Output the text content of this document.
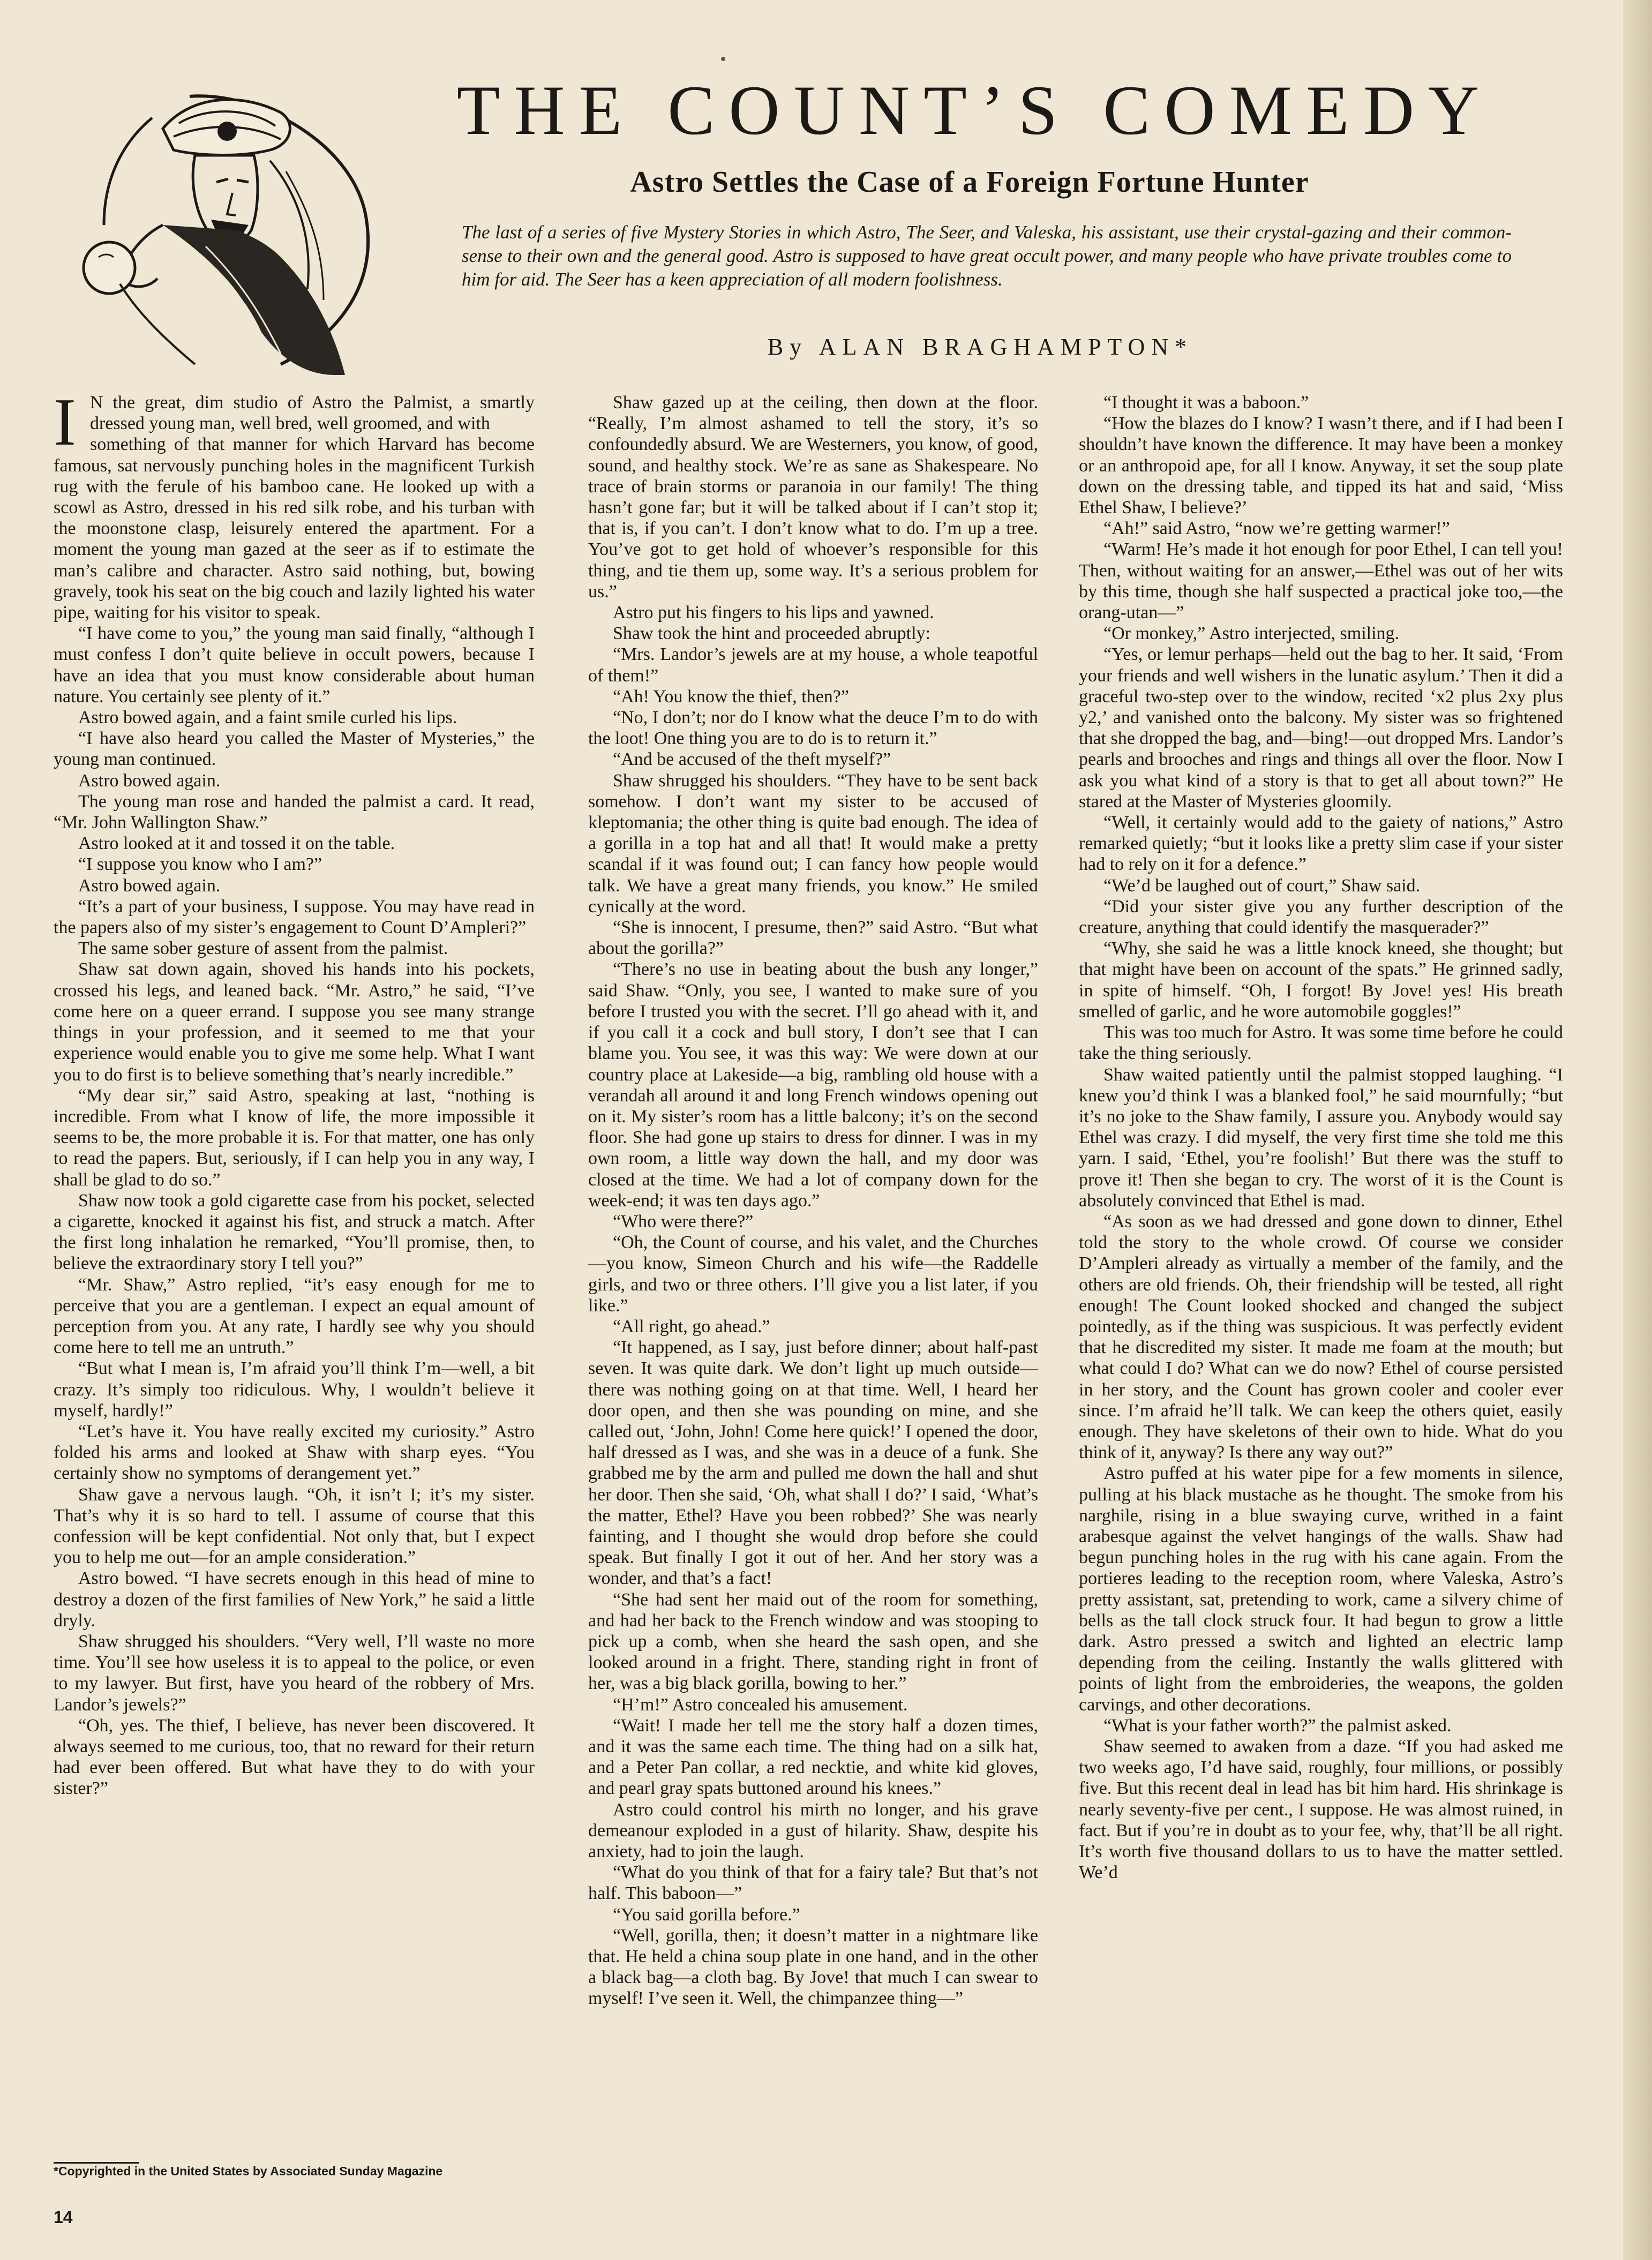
THE COUNT’S COMEDY
Astro Settles the Case of a Foreign Fortune Hunter

The last of a series of five Mystery Stories in which Astro, The Seer, and Valeska, his assistant, use their crystal-gazing and their common-sense to their own and the general good. Astro is supposed to have great occult power, and many people who have private troubles come to him for aid. The Seer has a keen appreciation of all modern foolishness.

By ALAN BRAGHAMPTON*

I N the great, dim studio of Astro the Palmist, a smartly dressed young man, well bred, well groomed, and with

something of that manner for which Harvard has become famous, sat nervously punching holes in the magnificent Turkish rug with the ferule of his bamboo cane. He looked up with a scowl as Astro, dressed in his red silk robe, and his turban with the moonstone clasp, leisurely entered the apartment. For a moment the young man gazed at the seer as if to estimate the man’s calibre and character. Astro said nothing, but, bowing gravely, took his seat on the big couch and lazily lighted his water pipe, waiting for his visitor to speak.

“I have come to you,” the young man said finally, “although I must confess I don’t quite believe in occult powers, because I have an idea that you must know considerable about human nature. You certainly see plenty of it.”

Astro bowed again, and a faint smile curled his lips.

“I have also heard you called the Master of Mysteries,” the young man continued.

Astro bowed again.

The young man rose and handed the palmist a card. It read, “Mr. John Wallington Shaw.”

Astro looked at it and tossed it on the table.

“I suppose you know who I am?”

Astro bowed again.

“It’s a part of your business, I suppose. You may have read in the papers also of my sister’s engagement to Count D’Ampleri?”

The same sober gesture of assent from the palmist.

Shaw sat down again, shoved his hands into his pockets, crossed his legs, and leaned back. “Mr. Astro,” he said, “I’ve come here on a queer errand. I suppose you see many strange things in your profession, and it seemed to me that your experience would enable you to give me some help. What I want you to do first is to believe something that’s nearly incredible.”

“My dear sir,” said Astro, speaking at last, “nothing is incredible. From what I know of life, the more impossible it seems to be, the more probable it is. For that matter, one has only to read the papers. But, seriously, if I can help you in any way, I shall be glad to do so.”

Shaw now took a gold cigarette case from his pocket, selected a cigarette, knocked it against his fist, and struck a match. After the first long inhalation he remarked, “You’ll promise, then, to believe the extraordinary story I tell you?”

“Mr. Shaw,” Astro replied, “it’s easy enough for me to perceive that you are a gentleman. I expect an equal amount of perception from you. At any rate, I hardly see why you should come here to tell me an untruth.”

“But what I mean is, I’m afraid you’ll think I’m—well, a bit crazy. It’s simply too ridiculous. Why, I wouldn’t believe it myself, hardly!”

“Let’s have it. You have really excited my curiosity.” Astro folded his arms and looked at Shaw with sharp eyes. “You certainly show no symptoms of derangement yet.”

Shaw gave a nervous laugh. “Oh, it isn’t I; it’s my sister. That’s why it is so hard to tell. I assume of course that this confession will be kept confidential. Not only that, but I expect you to help me out—for an ample consideration.”

Astro bowed. “I have secrets enough in this head of mine to destroy a dozen of the first families of New York,” he said a little dryly.

Shaw shrugged his shoulders. “Very well, I’ll waste no more time. You’ll see how useless it is to appeal to the police, or even to my lawyer. But first, have you heard of the robbery of Mrs. Landor’s jewels?”

“Oh, yes. The thief, I believe, has never been discovered. It always seemed to me curious, too, that no reward for their return had ever been offered. But what have they to do with your sister?”

Shaw gazed up at the ceiling, then down at the floor. “Really, I’m almost ashamed to tell the story, it’s so confoundedly absurd. We are Westerners, you know, of good, sound, and healthy stock. We’re as sane as Shakespeare. No trace of brain storms or paranoia in our family! The thing hasn’t gone far; but it will be talked about if I can’t stop it; that is, if you can’t. I don’t know what to do. I’m up a tree. You’ve got to get hold of whoever’s responsible for this thing, and tie them up, some way. It’s a serious problem for us.”

Astro put his fingers to his lips and yawned.

Shaw took the hint and proceeded abruptly:

“Mrs. Landor’s jewels are at my house, a whole teapotful of them!”

“Ah! You know the thief, then?”

“No, I don’t; nor do I know what the deuce I’m to do with the loot! One thing you are to do is to return it.”

“And be accused of the theft myself?”

Shaw shrugged his shoulders. “They have to be sent back somehow. I don’t want my sister to be accused of kleptomania; the other thing is quite bad enough. The idea of a gorilla in a top hat and all that! It would make a pretty scandal if it was found out; I can fancy how people would talk. We have a great many friends, you know.” He smiled cynically at the word.

“She is innocent, I presume, then?” said Astro. “But what about the gorilla?”

“There’s no use in beating about the bush any longer,” said Shaw. “Only, you see, I wanted to make sure of you before I trusted you with the secret. I’ll go ahead with it, and if you call it a cock and bull story, I don’t see that I can blame you. You see, it was this way: We were down at our country place at Lakeside—a big, rambling old house with a verandah all around it and long French windows opening out on it. My sister’s room has a little balcony; it’s on the second floor. She had gone up stairs to dress for dinner. I was in my own room, a little way down the hall, and my door was closed at the time. We had a lot of company down for the week-end; it was ten days ago.”

“Who were there?”

“Oh, the Count of course, and his valet, and the Churches—you know, Simeon Church and his wife—the Raddelle girls, and two or three others. I’ll give you a list later, if you like.”

“All right, go ahead.”

“It happened, as I say, just before dinner; about half-past seven. It was quite dark. We don’t light up much outside—there was nothing going on at that time. Well, I heard her door open, and then she was pounding on mine, and she called out, ‘John, John! Come here quick!’ I opened the door, half dressed as I was, and she was in a deuce of a funk. She grabbed me by the arm and pulled me down the hall and shut her door. Then she said, ‘Oh, what shall I do?’ I said, ‘What’s the matter, Ethel? Have you been robbed?’ She was nearly fainting, and I thought she would drop before she could speak. But finally I got it out of her. And her story was a wonder, and that’s a fact!

“She had sent her maid out of the room for something, and had her back to the French window and was stooping to pick up a comb, when she heard the sash open, and she looked around in a fright. There, standing right in front of her, was a big black gorilla, bowing to her.”

“H’m!” Astro concealed his amusement.

“Wait! I made her tell me the story half a dozen times, and it was the same each time. The thing had on a silk hat, and a Peter Pan collar, a red necktie, and white kid gloves, and pearl gray spats buttoned around his knees.”

Astro could control his mirth no longer, and his grave demeanour exploded in a gust of hilarity. Shaw, despite his anxiety, had to join the laugh.

“What do you think of that for a fairy tale? But that’s not half. This baboon—”

“You said gorilla before.”

“Well, gorilla, then; it doesn’t matter in a nightmare like that. He held a china soup plate in one hand, and in the other a black bag—a cloth bag. By Jove! that much I can swear to myself! I’ve seen it. Well, the chimpanzee thing—”

“I thought it was a baboon.”

“How the blazes do I know? I wasn’t there, and if I had been I shouldn’t have known the difference. It may have been a monkey or an anthropoid ape, for all I know. Anyway, it set the soup plate down on the dressing table, and tipped its hat and said, ‘Miss Ethel Shaw, I believe?’

“Ah!” said Astro, “now we’re getting warmer!”

“Warm! He’s made it hot enough for poor Ethel, I can tell you! Then, without waiting for an answer,—Ethel was out of her wits by this time, though she half suspected a practical joke too,—the orang-utan—”

“Or monkey,” Astro interjected, smiling.

“Yes, or lemur perhaps—held out the bag to her. It said, ‘From your friends and well wishers in the lunatic asylum.’ Then it did a graceful two-step over to the window, recited ‘x2 plus 2xy plus y2,’ and vanished onto the balcony. My sister was so frightened that she dropped the bag, and—bing!—out dropped Mrs. Landor’s pearls and brooches and rings and things all over the floor. Now I ask you what kind of a story is that to get all about town?” He stared at the Master of Mysteries gloomily.

“Well, it certainly would add to the gaiety of nations,” Astro remarked quietly; “but it looks like a pretty slim case if your sister had to rely on it for a defence.”

“We’d be laughed out of court,” Shaw said.

“Did your sister give you any further description of the creature, anything that could identify the masquerader?”

“Why, she said he was a little knock kneed, she thought; but that might have been on account of the spats.” He grinned sadly, in spite of himself. “Oh, I forgot! By Jove! yes! His breath smelled of garlic, and he wore automobile goggles!”

This was too much for Astro. It was some time before he could take the thing seriously.

Shaw waited patiently until the palmist stopped laughing. “I knew you’d think I was a blanked fool,” he said mournfully; “but it’s no joke to the Shaw family, I assure you. Anybody would say Ethel was crazy. I did myself, the very first time she told me this yarn. I said, ‘Ethel, you’re foolish!’ But there was the stuff to prove it! Then she began to cry. The worst of it is the Count is absolutely convinced that Ethel is mad.

“As soon as we had dressed and gone down to dinner, Ethel told the story to the whole crowd. Of course we consider D’Ampleri already as virtually a member of the family, and the others are old friends. Oh, their friendship will be tested, all right enough! The Count looked shocked and changed the subject pointedly, as if the thing was suspicious. It was perfectly evident that he discredited my sister. It made me foam at the mouth; but what could I do? What can we do now? Ethel of course persisted in her story, and the Count has grown cooler and cooler ever since. I’m afraid he’ll talk. We can keep the others quiet, easily enough. They have skeletons of their own to hide. What do you think of it, anyway? Is there any way out?”

Astro puffed at his water pipe for a few moments in silence, pulling at his black mustache as he thought. The smoke from his narghile, rising in a blue swaying curve, writhed in a faint arabesque against the velvet hangings of the walls. Shaw had begun punching holes in the rug with his cane again. From the portieres leading to the reception room, where Valeska, Astro’s pretty assistant, sat, pretending to work, came a silvery chime of bells as the tall clock struck four. It had begun to grow a little dark. Astro pressed a switch and lighted an electric lamp depending from the ceiling. Instantly the walls glittered with points of light from the embroideries, the weapons, the golden carvings, and other decorations.

“What is your father worth?” the palmist asked.

Shaw seemed to awaken from a daze. “If you had asked me two weeks ago, I’d have said, roughly, four millions, or possibly five. But this recent deal in lead has bit him hard. His shrinkage is nearly seventy-five per cent., I suppose. He was almost ruined, in fact. But if you’re in doubt as to your fee, why, that’ll be all right. It’s worth five thousand dollars to us to have the matter settled. We’d

*Copyrighted in the United States by Associated Sunday Magazine

14
